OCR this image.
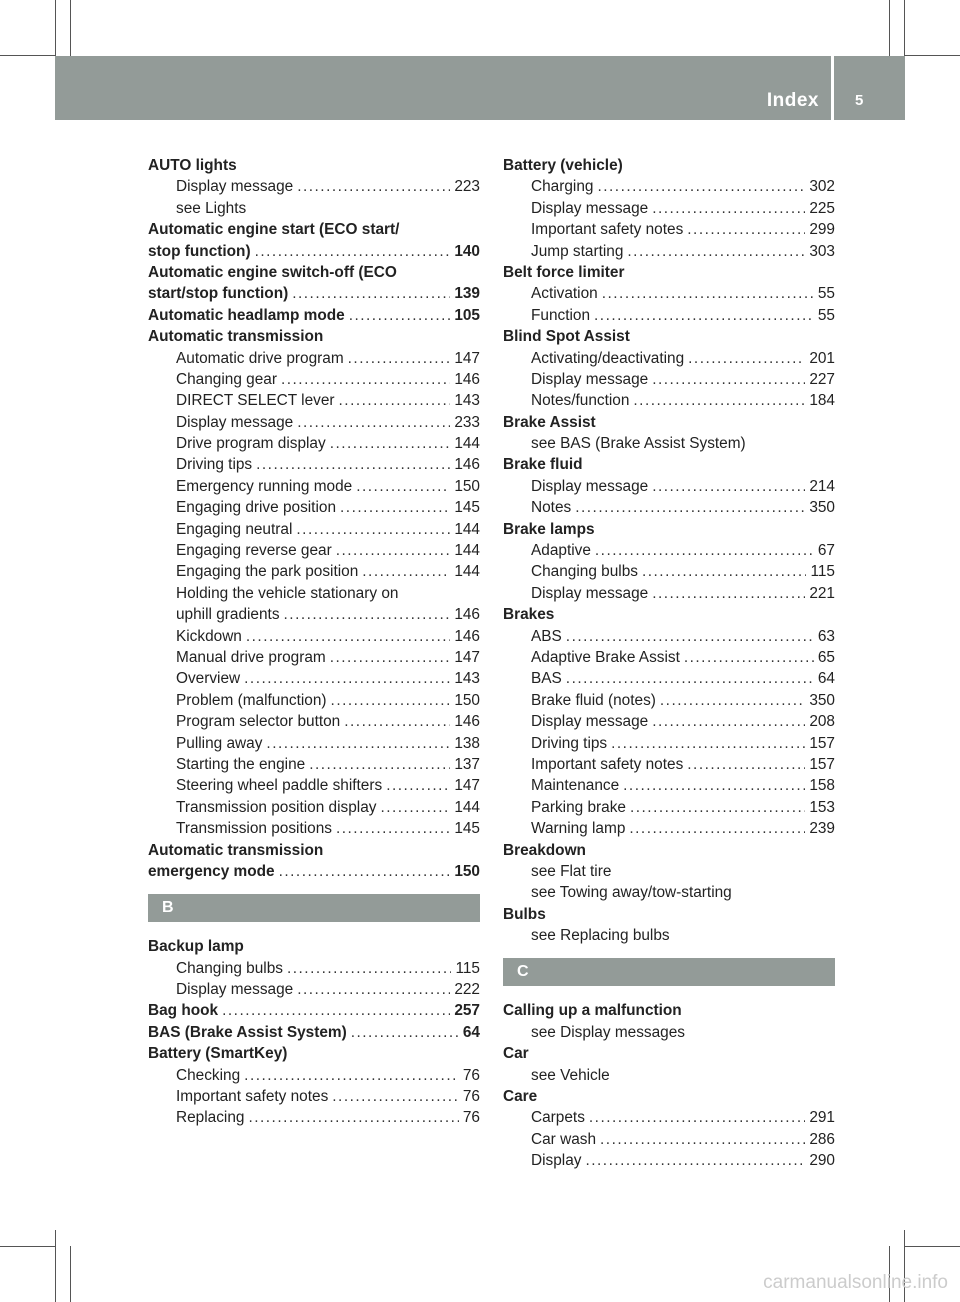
Index 5
AUTO lights
Display message .....	223
see Lights
Automatic engine start (ECO start/
stop function) .....	140
Automatic engine switch-off (ECO
start/stop function) .....	139
Automatic headlamp mode .....	105
Automatic transmission
Automatic drive program .....	147
Changing gear .....	146
DIRECT SELECT lever .....	143
Display message .....	233
Drive program display .....	144
Driving tips .....	146
Emergency running mode .....	150
Engaging drive position .....	145
Engaging neutral .....	144
Engaging reverse gear .....	144
Engaging the park position .....	144
Holding the vehicle stationary on
uphill gradients .....	146
Kickdown .....	146
Manual drive program .....	147
Overview .....	143
Problem (malfunction) .....	150
Program selector button .....	146
Pulling away .....	138
Starting the engine .....	137
Steering wheel paddle shifters .....	147
Transmission position display .....	144
Transmission positions .....	145
Automatic transmission
emergency mode .....	150
B
Backup lamp
Changing bulbs .....	115
Display message .....	222
Bag hook .....	257
BAS (Brake Assist System) .....	64
Battery (SmartKey)
Checking .....	76
Important safety notes .....	76
Replacing .....	76
Battery (vehicle)
Charging .....	302
Display message .....	225
Important safety notes .....	299
Jump starting .....	303
Belt force limiter
Activation .....	55
Function .....	55
Blind Spot Assist
Activating/deactivating .....	201
Display message .....	227
Notes/function .....	184
Brake Assist
see BAS (Brake Assist System)
Brake fluid
Display message .....	214
Notes .....	350
Brake lamps
Adaptive .....	67
Changing bulbs .....	115
Display message .....	221
Brakes
ABS .....	63
Adaptive Brake Assist .....	65
BAS .....	64
Brake fluid (notes) .....	350
Display message .....	208
Driving tips .....	157
Important safety notes .....	157
Maintenance .....	158
Parking brake .....	153
Warning lamp .....	239
Breakdown
see Flat tire
see Towing away/tow-starting
Bulbs
see Replacing bulbs
C
Calling up a malfunction
see Display messages
Car
see Vehicle
Care
Carpets .....	291
Car wash .....	286
Display .....	290
carmanualsonline.info
